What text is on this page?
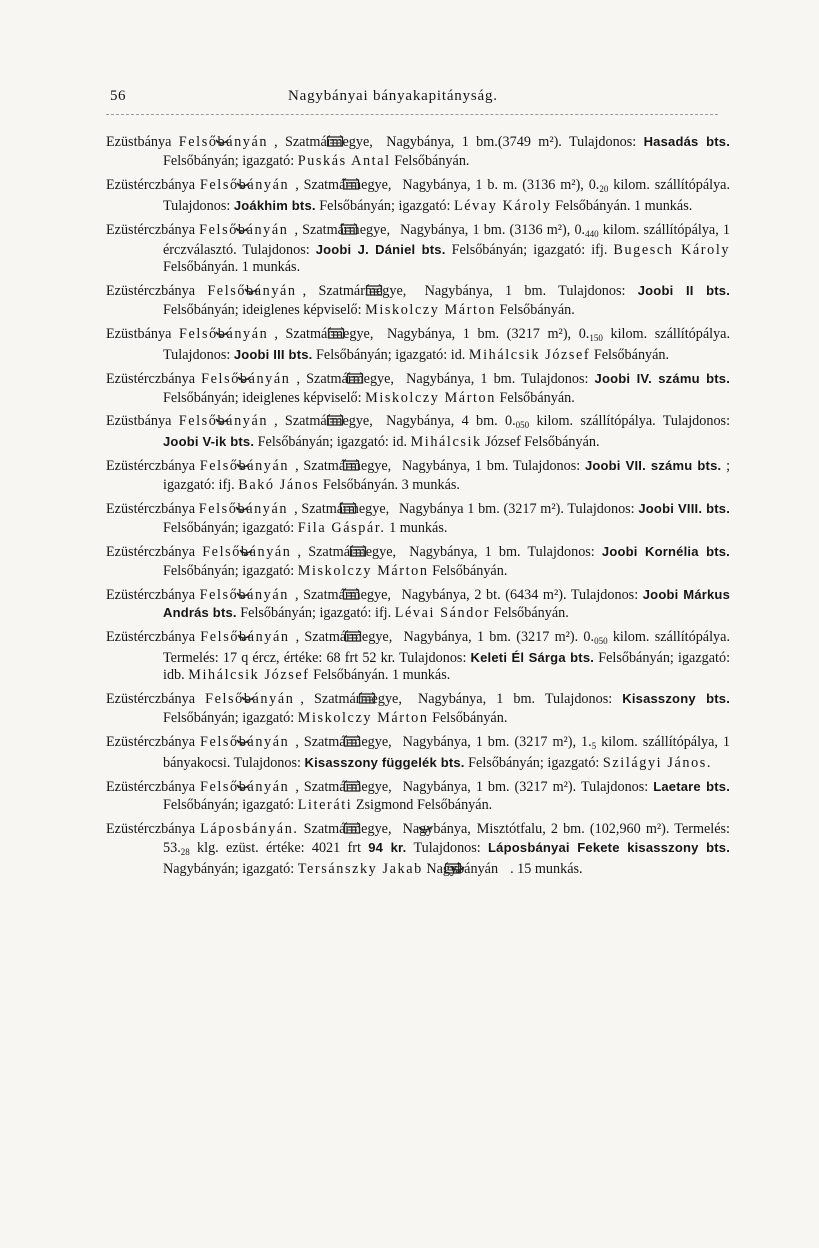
56	Nagybányai bányakapitányság.

Ezüstbánya Felsőbányán , Szatmármegye, Nagybánya, 1 bm.(3749 m²). Tulajdonos: Hasadás bts. Felsőbányán; igazgató: Puskás Antal Felsőbányán.

Ezüstérczbánya Felsőbányán , Szatmármegye, Nagybánya, 1 b. m. (3136 m²), $0._{20}$ kilom. szállítópálya. Tulajdonos: Joákhim bts. Felsőbányán; igazgató: Lévay Károly Felsőbányán. 1 munkás.

Ezüstérczbánya Felsőbányán , Szatmármegye, Nagybánya, 1 bm. (3136 m²), $0._{440}$ kilom. szállítópálya, 1 érczválasztó. Tulajdonos: Joobi J. Dániel bts. Felsőbányán; igazgató: ifj. Bugesch Károly Felsőbányán. 1 munkás.

Ezüstérczbánya Felsőbányán , Szatmármegye, Nagybánya, 1 bm. Tulajdonos: Joobi II bts. Felsőbányán; ideiglenes képviselő: Miskolczy Márton Felsőbányán.

Ezüstbánya Felsőbányán , Szatmármegye, Nagybánya, 1 bm. (3217 m²), $0._{150}$ kilom. szállítópálya. Tulajdonos: Joobi III bts. Felsőbányán; igazgató: id. Mihálcsik József Felsőbányán.

Ezüstérczbánya Felsőbányán , Szatmármegye, Nagybánya, 1 bm. Tulajdonos: Joobi IV. számu bts. Felsőbányán; ideiglenes képviselő: Miskolczy Márton Felsőbányán.

Ezüstbánya Felsőbányán , Szatmármegye, Nagybánya, 4 bm. $0._{050}$ kilom. szállítópálya. Tulajdonos: Joobi V-ik bts. Felsőbányán; igazgató: id. Mihálcsik József Felsőbányán.

Ezüstérczbánya Felsőbányán , Szatmármegye, Nagybánya, 1 bm. Tulajdonos: Joobi VII. számu bts. ; igazgató: ifj. Bakó János Felsőbányán. 3 munkás.

Ezüstérczbánya Felsőbányán , Szatmármegye, Nagybánya 1 bm. (3217 m²). Tulajdonos: Joobi VIII. bts. Felsőbányán; igazgató: Fila Gáspár. 1 munkás.

Ezüstérczbánya Felsőbányán , Szatmármegye, Nagybánya, 1 bm. Tulajdonos: Joobi Kornélia bts. Felsőbányán; igazgató: Miskolczy Márton Felsőbányán.

Ezüstérczbánya Felsőbányán , Szatmármegye, Nagybánya, 2 bt. (6434 m²). Tulajdonos: Joobi Márkus András bts. Felsőbányán; igazgató: ifj. Lévai Sándor Felsőbányán.

Ezüstérczbánya Felsőbányán , Szatmármegye, Nagybánya, 1 bm. (3217 m²). $0._{050}$ kilom. szállítópálya. Termelés: 17 q ércz, értéke: 68 frt 52 kr. Tulajdonos: Keleti Él Sárga bts. Felsőbányán; igazgató: idb. Mihálcsik József Felsőbányán. 1 munkás.

Ezüstérczbánya Felsőbányán , Szatmármegye, Nagybánya, 1 bm. Tulajdonos: Kisasszony bts. Felsőbányán; igazgató: Miskolczy Márton Felsőbányán.

Ezüstérczbánya Felsőbányán , Szatmármegye, Nagybánya, 1 bm. (3217 m²), $1._5$ kilom. szállítópálya, 1 bányakocsi. Tulajdonos: Kisasszony függelék bts. Felsőbányán; igazgató: Szilágyi János.

Ezüstérczbánya Felsőbányán , Szatmármegye, Nagybánya, 1 bm. (3217 m²). Tulajdonos: Laetare bts. Felsőbányán; igazgató: Literáti Zsigmond Felsőbányán.

Ezüstérczbánya Láposbányán. Szatmármegye, Nagybánya, Misztótfalu, 2 bm. (102,960 m²). Termelés: $53._{28}$ klg. ezüst. értéke: 4021 frt 94 kr. Tulajdonos: Láposbányai Fekete kisasszony bts. Nagybányán; igazgató: Tersánszky Jakab Nagybányán . 15 munkás.
